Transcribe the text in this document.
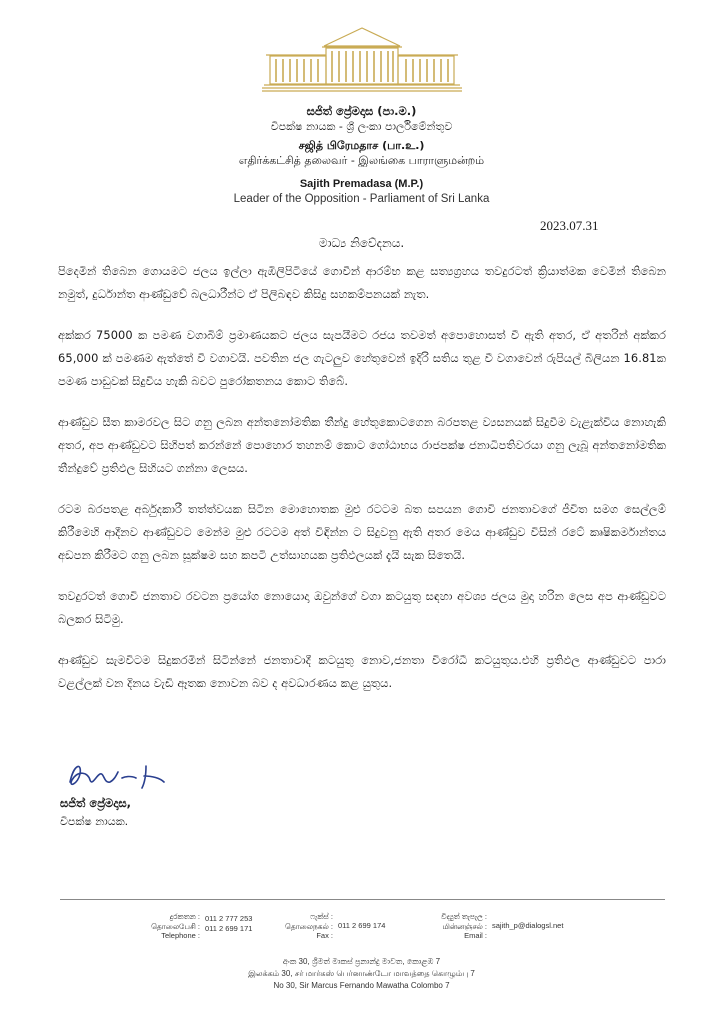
සජිත් ප්‍රේමදාස (පා.ම.)
විපක්ෂ නායක - ශ්‍රී ලංකා පාර්ලිමේන්තුව
சஜித் பிரேமதாச (பா.உ.)
எதிர்க்கட்சித் தலைவர் - இலங்கை பாராளுமன்றம்
Sajith Premadasa (M.P.)
Leader of the Opposition - Parliament of Sri Lanka
2023.07.31
මාධ්‍ය නිවේදනය.

පිදෙමින් තිබෙන ගොයමට ජලය ඉල්ලා ඇඹිලිපිටියේ ගොවීන් ආරම්භ කළ සත්‍යග්‍රහය තවදුරටත් ක්‍රියාත්මක වෙමින් තිබෙන නමුත්, දුර්ධාන්ත ආණ්ඩුවේ බලධාරීන්ට ඒ පිලිබඳව කිසිදු සහකම්පනයක් නැත.

අක්කර 75000 ක පමණ වගාබිම් ප්‍රමාණයකට ජලය සැපයීමට රජය තවමත් අපොහොසත් වී ඇති අතර, ඒ අතරින් අක්කර 65,000 ක් පමණම ඇත්තේ වී වගාවයි. පවතින ජල ගැටලුව හේතුවෙන් ඉදිරි සතිය තුළ වී වගාවෙන් රුපියල් බිලියන 16.81ක පමණ පාඩුවක් සිදුවිය හැකි බවට පුරෝකතනය කොට තිබේ.

ආණ්ඩුව සීත කාමරවල සිට ගනු ලබන අන්තනෝමතික තීන්දු හේතුකොටගෙන බරපතළ ව්‍යසනයක් සිදුවීම වැළැක්විය නොහැකි අතර, අප ආණ්ඩුවට සිහිපත් කරන්නේ පොහොර තහනම් කොට ගෝඨාභය රාජපක්ෂ ජනාධිපතිවරයා ගනු ලැබූ අන්තනෝමතික තීන්දුවේ ප්‍රතිඵල සිහියට ගන්නා ලෙසය.

රටම බරපතළ අර්බුදකාරී තත්ත්වයක සිටින මොහොතක මුළු රටටම බත සපයන ගොවි ජනතාවගේ ජීවිත සමග සෙල්ලම් කිරීමෙහි ආදීනව ආණ්ඩුවට මෙන්ම මුළු රටටම අත් විඳින්න ට සිදුවනු ඇති අතර මෙය ආණ්ඩුව විසින් රටේ කෘෂිකර්මාන්තය අඩපන කිරීමට ගනු ලබන සූක්ෂම සහ කපටි උත්සාහයක ප්‍රතිඵලයක් දැයි සැක සිතෙයි.

තවදුරටත් ගොවි ජනතාව රවටන ප්‍රයෝග නොයොදා ඔවුන්ගේ වගා කටයුතු සඳහා අවශ්‍ය ජලය මුදා හරින ලෙස අප ආණ්ඩුවට බලකර සිටිමු.

ආණ්ඩුව සැමවිටම සිදුකරමින් සිටින්නේ ජනතාවාදී කටයුතු නොව,ජනතා විරෝධී කටයුතුය.එහි ප්‍රතිඵල ආණ්ඩුවට පාරා වළල්ලක් වන දිනය වැඩි ඈතක නොවන බව ද අවධාරණය කළ යුතුය.

සජිත් ප්‍රේමදාස,
විපක්ෂ නායක.
දුරකතන :
தொலைபேசி :
Telephone :
011 2 777 253
011 2 699 171
ෆැක්ස් :
தொலைநகல் :
Fax :
011 2 699 174
විද්‍යුත් තැපැල :
மின்னஞ்சல் :
Email :
sajith_p@dialogsl.net
අංක 30, ශ්‍රීමත් මාකස් ප්‍රනාන්දු මාවත, කොළඹ 7
இலக்கம் 30, சர் மார்கஸ் பெர்னாண்டோ மாவத்தை கொழும்பு 7
No 30, Sir Marcus Fernando Mawatha Colombo 7
